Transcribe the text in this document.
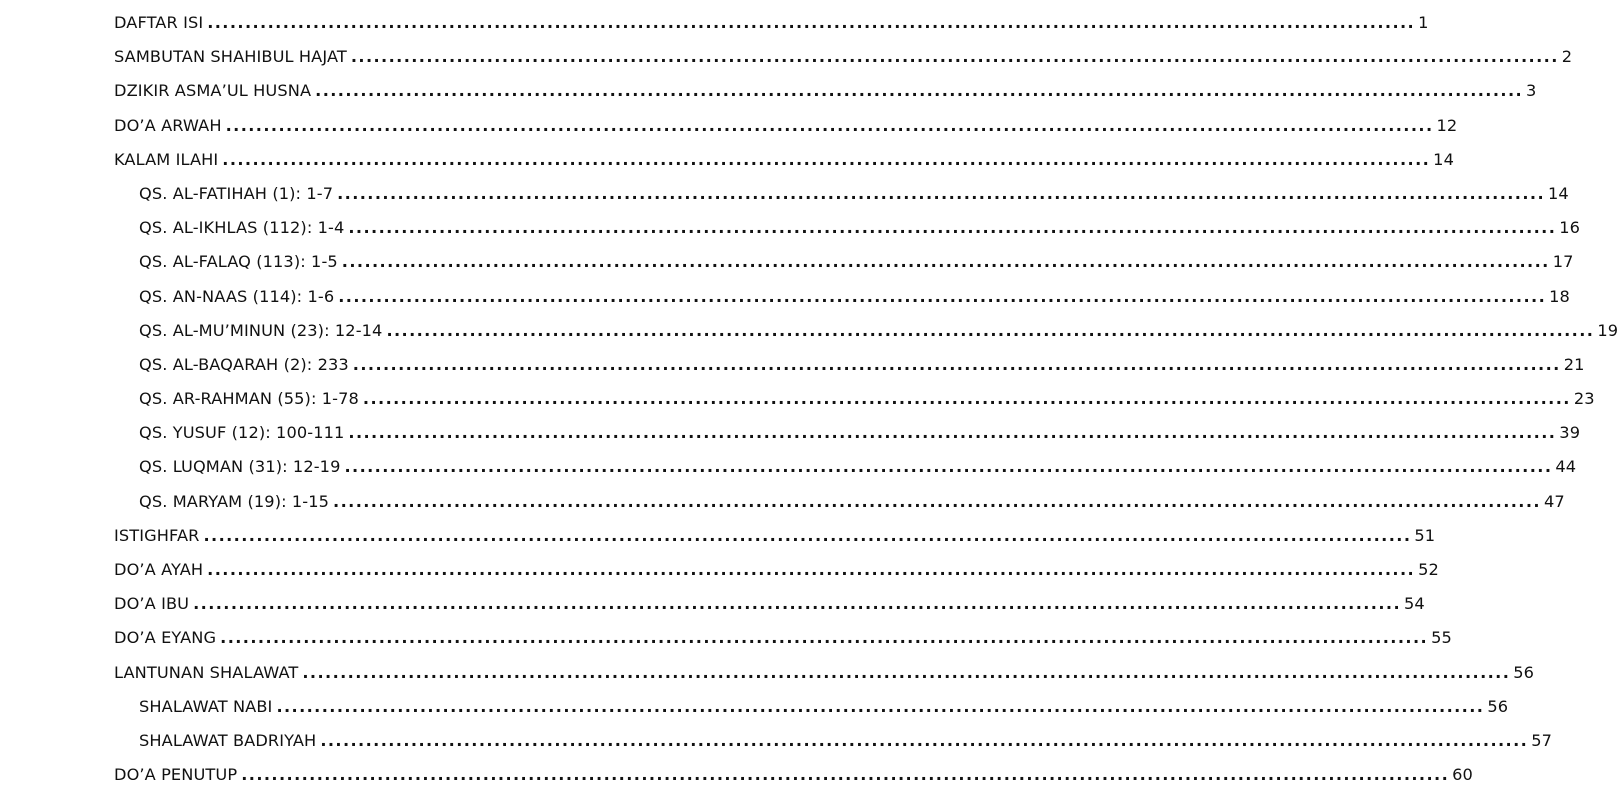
DAFTAR ISI ................................................................................................................................................................ 1
SAMBUTAN SHAHIBUL HAJAT ................................................................................................................................................................ 2
DZIKIR ASMA’UL HUSNA ................................................................................................................................................................ 3
DO’A ARWAH ................................................................................................................................................................ 12
KALAM ILAHI ................................................................................................................................................................ 14
QS. AL-FATIHAH (1): 1-7 ................................................................................................................................................................ 14
QS. AL-IKHLAS (112): 1-4 ................................................................................................................................................................ 16
QS. AL-FALAQ (113): 1-5 ................................................................................................................................................................ 17
QS. AN-NAAS (114): 1-6 ................................................................................................................................................................ 18
QS. AL-MU’MINUN (23): 12-14 ................................................................................................................................................................ 19
QS. AL-BAQARAH (2): 233 ................................................................................................................................................................ 21
QS. AR-RAHMAN (55): 1-78 ................................................................................................................................................................ 23
QS. YUSUF (12): 100-111 ................................................................................................................................................................ 39
QS. LUQMAN (31): 12-19 ................................................................................................................................................................ 44
QS. MARYAM (19): 1-15 ................................................................................................................................................................ 47
ISTIGHFAR ................................................................................................................................................................ 51
DO’A AYAH ................................................................................................................................................................ 52
DO’A IBU ................................................................................................................................................................ 54
DO’A EYANG ................................................................................................................................................................ 55
LANTUNAN SHALAWAT ................................................................................................................................................................ 56
SHALAWAT NABI ................................................................................................................................................................ 56
SHALAWAT BADRIYAH ................................................................................................................................................................ 57
DO’A PENUTUP ................................................................................................................................................................ 60
